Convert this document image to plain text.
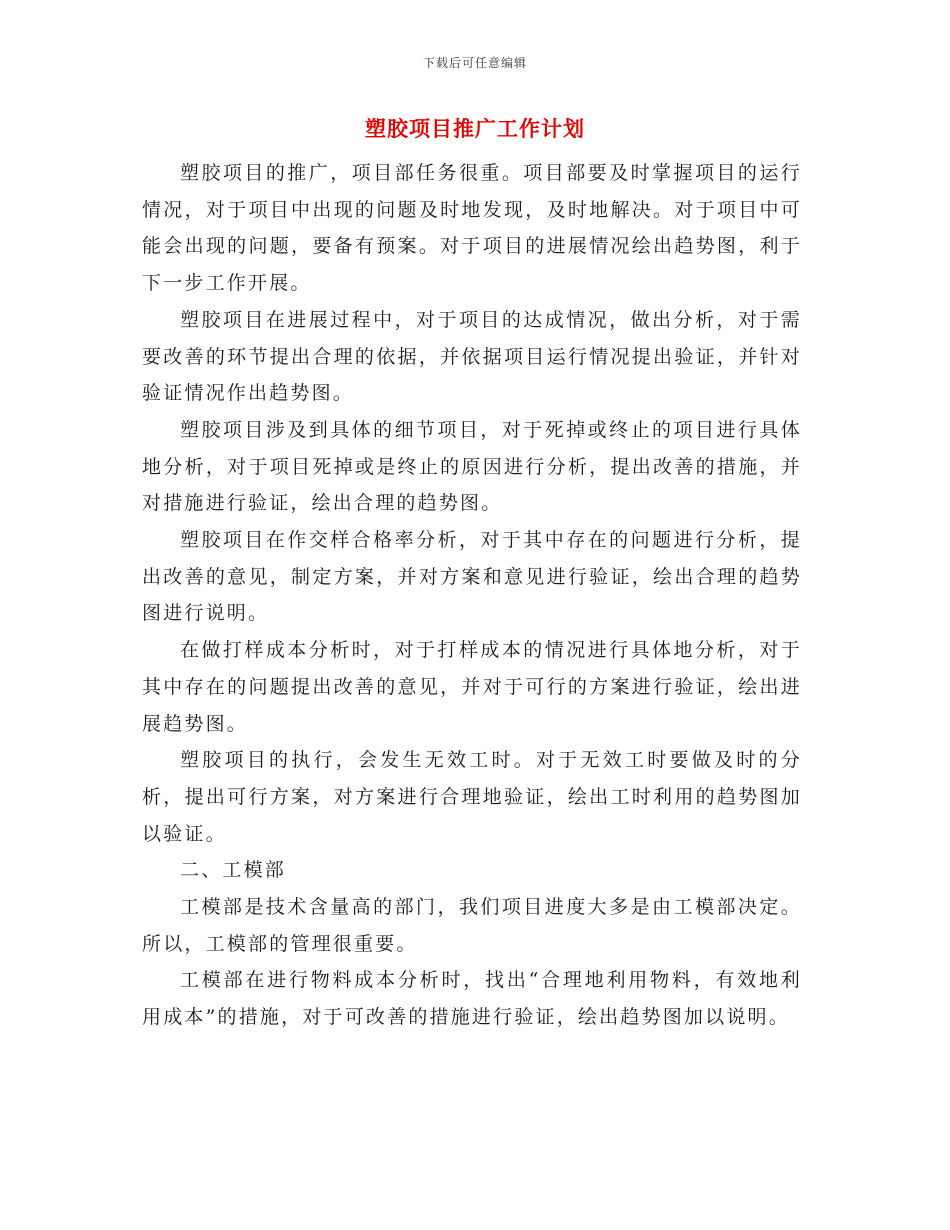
下载后可任意编辑
塑胶项目推广工作计划

塑胶项目的推广，项目部任务很重。项目部要及时掌握项目的运行情况，对于项目中出现的问题及时地发现，及时地解决。对于项目中可能会出现的问题，要备有预案。对于项目的进展情况绘出趋势图，利于下一步工作开展。

塑胶项目在进展过程中，对于项目的达成情况，做出分析，对于需要改善的环节提出合理的依据，并依据项目运行情况提出验证，并针对验证情况作出趋势图。

塑胶项目涉及到具体的细节项目，对于死掉或终止的项目进行具体地分析，对于项目死掉或是终止的原因进行分析，提出改善的措施，并对措施进行验证，绘出合理的趋势图。

塑胶项目在作交样合格率分析，对于其中存在的问题进行分析，提出改善的意见，制定方案，并对方案和意见进行验证，绘出合理的趋势图进行说明。

在做打样成本分析时，对于打样成本的情况进行具体地分析，对于其中存在的问题提出改善的意见，并对于可行的方案进行验证，绘出进展趋势图。

塑胶项目的执行，会发生无效工时。对于无效工时要做及时的分析，提出可行方案，对方案进行合理地验证，绘出工时利用的趋势图加以验证。

二、工模部

工模部是技术含量高的部门，我们项目进度大多是由工模部决定。所以，工模部的管理很重要。

工模部在进行物料成本分析时，找出“合理地利用物料，有效地利用成本”的措施，对于可改善的措施进行验证，绘出趋势图加以说明。
